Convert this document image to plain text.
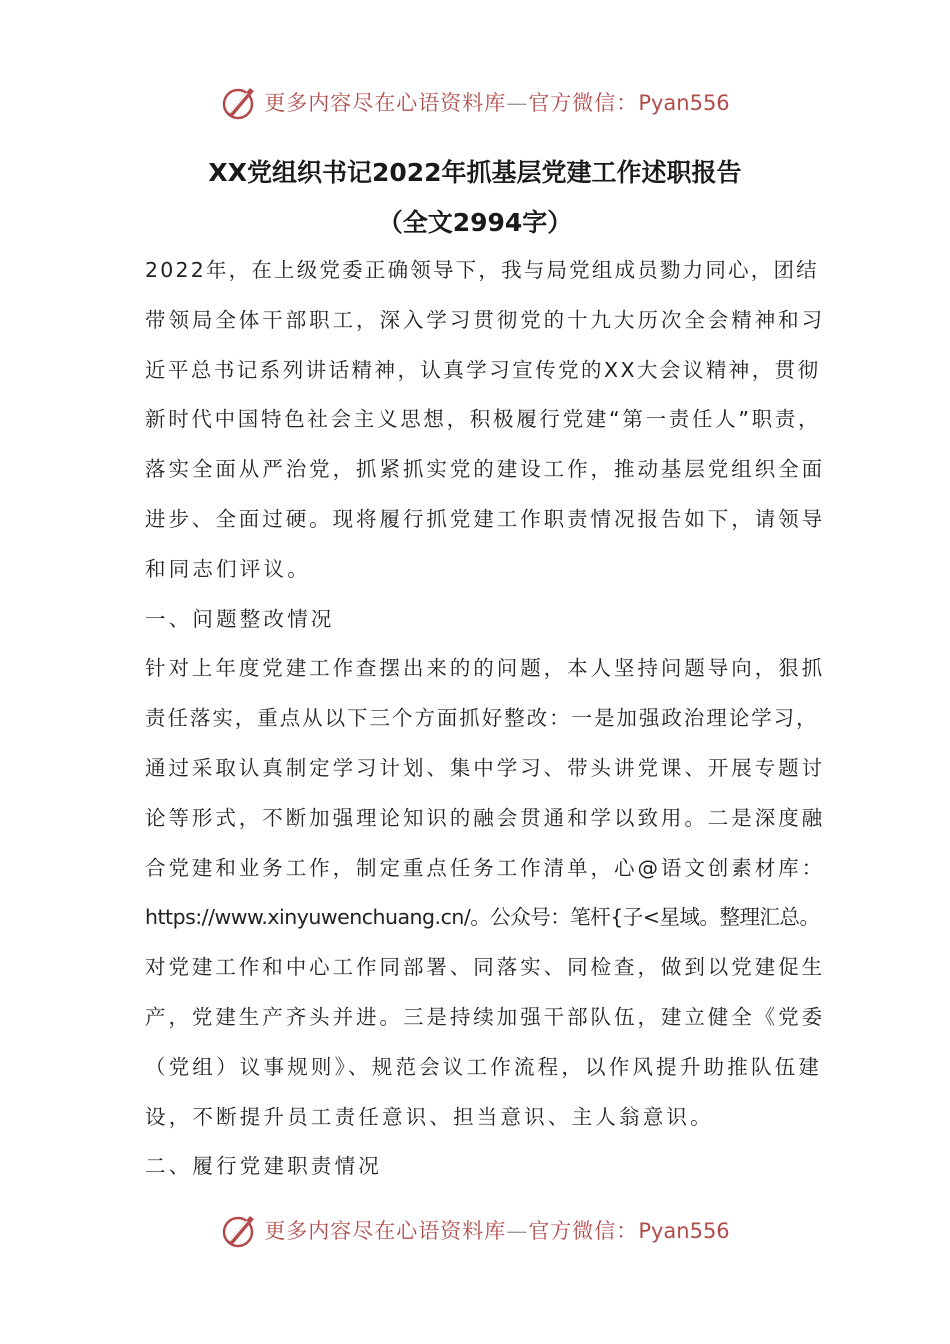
更多内容尽在心语资料库—官方微信：Pyan556
XX党组织书记2022年抓基层党建工作述职报告
（全文2994字）
2022年，在上级党委正确领导下，我与局党组成员勠力同心，团结
带领局全体干部职工，深入学习贯彻党的十九大历次全会精神和习
近平总书记系列讲话精神，认真学习宣传党的XX大会议精神，贯彻
新时代中国特色社会主义思想，积极履行党建“第一责任人”职责，
落实全面从严治党，抓紧抓实党的建设工作，推动基层党组织全面
进步、全面过硬。现将履行抓党建工作职责情况报告如下，请领导
和同志们评议。
一、问题整改情况
针对上年度党建工作查摆出来的的问题，本人坚持问题导向，狠抓
责任落实，重点从以下三个方面抓好整改：一是加强政治理论学习，
通过采取认真制定学习计划、集中学习、带头讲党课、开展专题讨
论等形式，不断加强理论知识的融会贯通和学以致用。二是深度融
合党建和业务工作，制定重点任务工作清单，心@语文创素材库：
https://www.xinyuwenchuang.cn/。公众号：笔杆{子<星域。整理汇总。
对党建工作和中心工作同部署、同落实、同检查，做到以党建促生
产，党建生产齐头并进。三是持续加强干部队伍，建立健全《党委
（党组）议事规则》、规范会议工作流程，以作风提升助推队伍建
设，不断提升员工责任意识、担当意识、主人翁意识。
二、履行党建职责情况
更多内容尽在心语资料库—官方微信：Pyan556
